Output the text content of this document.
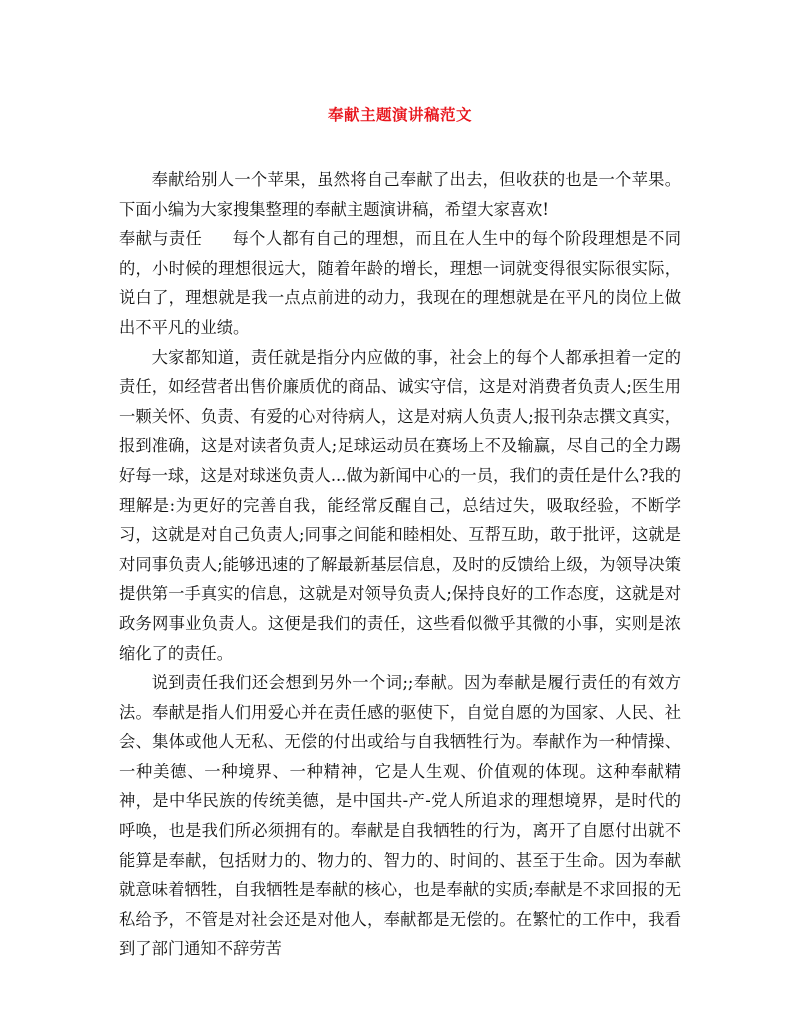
奉献主题演讲稿范文

奉献给别人一个苹果，虽然将自己奉献了出去，但收获的也是一个苹果。下面小编为大家搜集整理的奉献主题演讲稿，希望大家喜欢!

奉献与责任 每个人都有自己的理想，而且在人生中的每个阶段理想是不同的，小时候的理想很远大，随着年龄的增长，理想一词就变得很实际很实际，说白了，理想就是我一点点前进的动力，我现在的理想就是在平凡的岗位上做出不平凡的业绩。

大家都知道，责任就是指分内应做的事，社会上的每个人都承担着一定的责任，如经营者出售价廉质优的商品、诚实守信，这是对消费者负责人;医生用一颗关怀、负责、有爱的心对待病人，这是对病人负责人;报刊杂志撰文真实，报到准确，这是对读者负责人;足球运动员在赛场上不及输赢，尽自己的全力踢好每一球，这是对球迷负责人...做为新闻中心的一员，我们的责任是什么?我的理解是:为更好的完善自我，能经常反醒自己，总结过失，吸取经验，不断学习，这就是对自己负责人;同事之间能和睦相处、互帮互助，敢于批评，这就是对同事负责人;能够迅速的了解最新基层信息，及时的反馈给上级，为领导决策提供第一手真实的信息，这就是对领导负责人;保持良好的工作态度，这就是对政务网事业负责人。这便是我们的责任，这些看似微乎其微的小事，实则是浓缩化了的责任。

说到责任我们还会想到另外一个词;;奉献。因为奉献是履行责任的有效方法。奉献是指人们用爱心并在责任感的驱使下，自觉自愿的为国家、人民、社会、集体或他人无私、无偿的付出或给与自我牺牲行为。奉献作为一种情操、一种美德、一种境界、一种精神，它是人生观、价值观的体现。这种奉献精神，是中华民族的传统美德，是中国共-产-党人所追求的理想境界，是时代的呼唤，也是我们所必须拥有的。奉献是自我牺牲的行为，离开了自愿付出就不能算是奉献，包括财力的、物力的、智力的、时间的、甚至于生命。因为奉献就意味着牺牲，自我牺牲是奉献的核心，也是奉献的实质;奉献是不求回报的无私给予，不管是对社会还是对他人，奉献都是无偿的。在繁忙的工作中，我看到了部门通知不辞劳苦
